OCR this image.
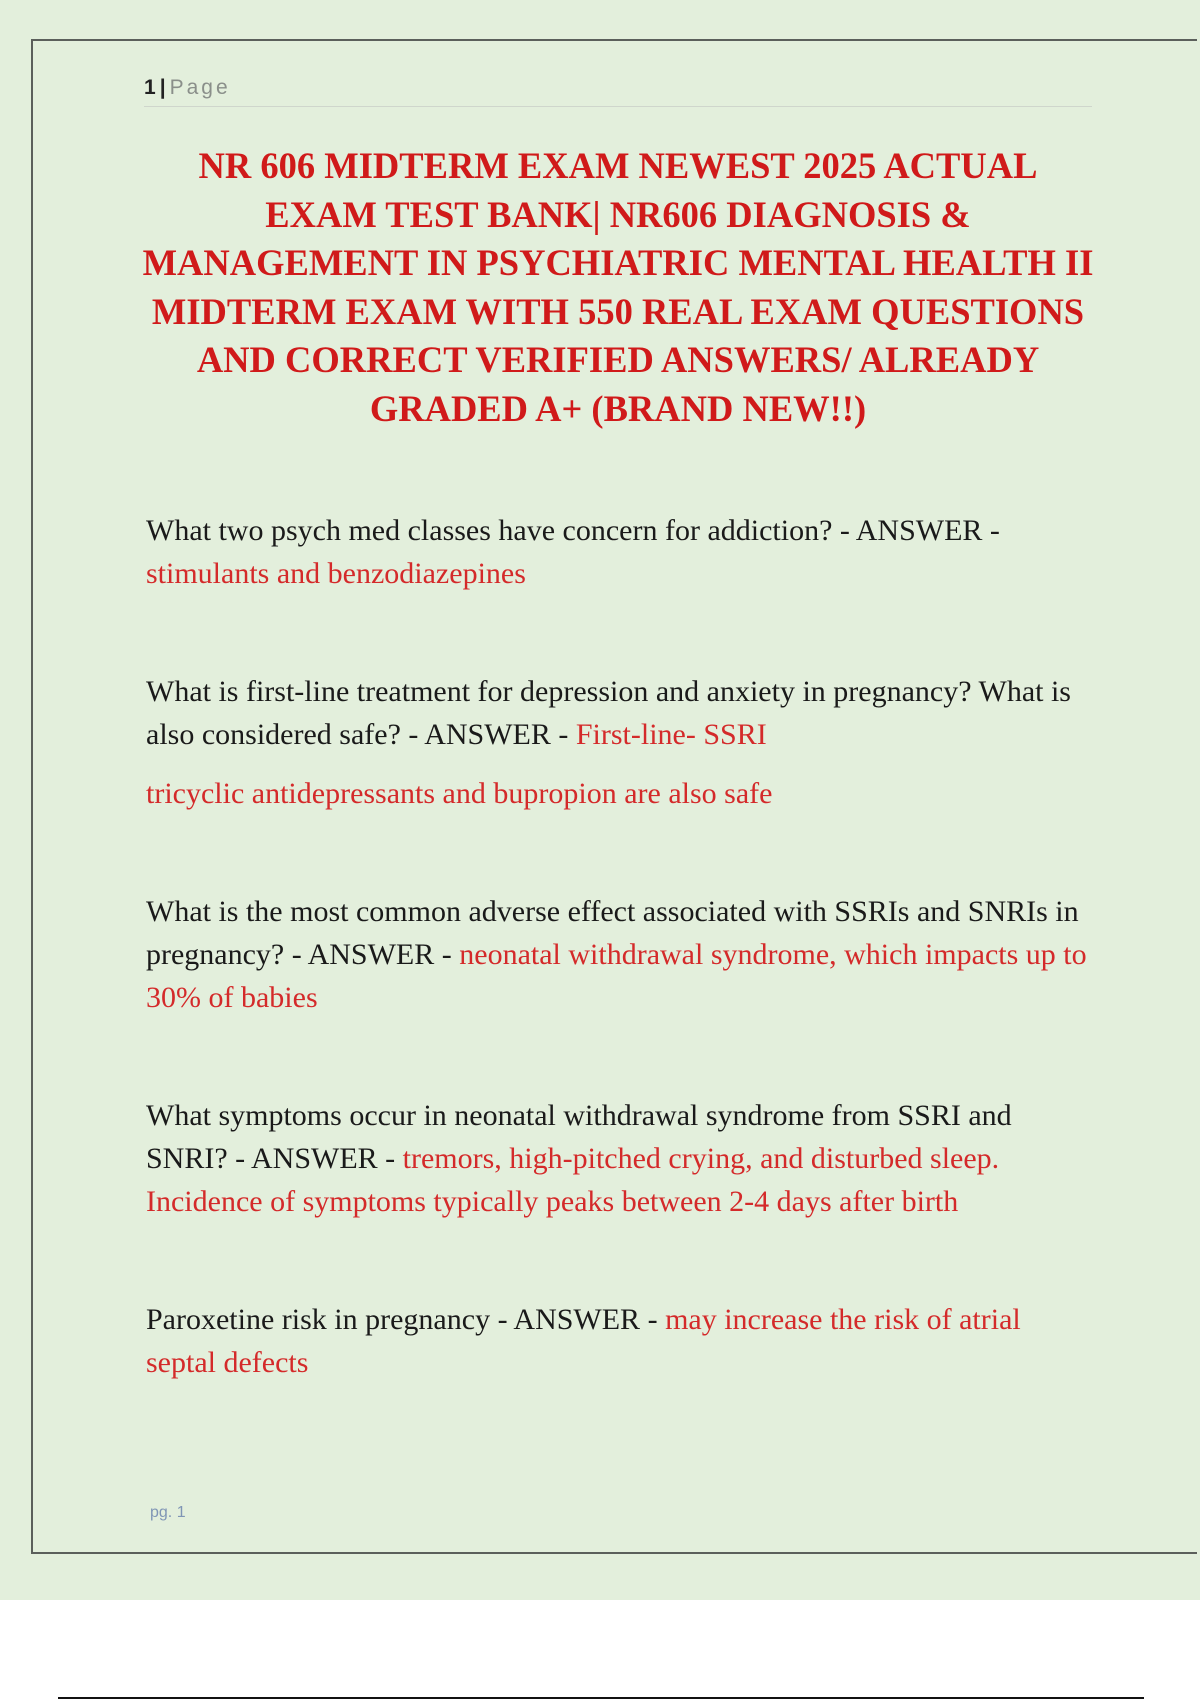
1 | Page
NR 606 MIDTERM EXAM NEWEST 2025 ACTUAL EXAM TEST BANK| NR606 DIAGNOSIS & MANAGEMENT IN PSYCHIATRIC MENTAL HEALTH II MIDTERM EXAM WITH 550 REAL EXAM QUESTIONS AND CORRECT VERIFIED ANSWERS/ ALREADY GRADED A+ (BRAND NEW!!)

What two psych med classes have concern for addiction? - ANSWER - stimulants and benzodiazepines

What is first-line treatment for depression and anxiety in pregnancy? What is also considered safe? - ANSWER - First-line- SSRI

tricyclic antidepressants and bupropion are also safe

What is the most common adverse effect associated with SSRIs and SNRIs in pregnancy? - ANSWER - neonatal withdrawal syndrome, which impacts up to 30% of babies

What symptoms occur in neonatal withdrawal syndrome from SSRI and SNRI? - ANSWER - tremors, high-pitched crying, and disturbed sleep. Incidence of symptoms typically peaks between 2-4 days after birth

Paroxetine risk in pregnancy - ANSWER - may increase the risk of atrial septal defects

pg. 1
